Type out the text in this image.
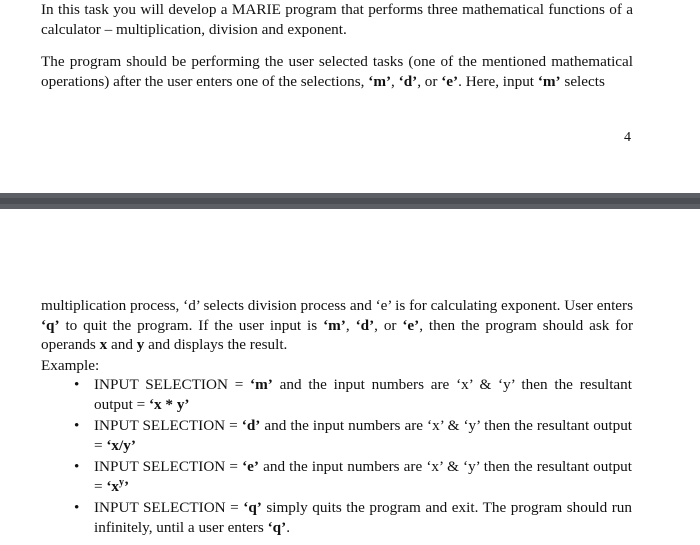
In this task you will develop a MARIE program that performs three mathematical functions of a calculator – multiplication, division and exponent.

The program should be performing the user selected tasks (one of the mentioned mathematical operations) after the user enters one of the selections, ‘m’, ‘d’, or ‘e’. Here, input ‘m’ selects

4

multiplication process, ‘d’ selects division process and ‘e’ is for calculating exponent. User enters ‘q’ to quit the program. If the user input is ‘m’, ‘d’, or ‘e’, then the program should ask for operands x and y and displays the result.

Example:
• INPUT SELECTION = ‘m’ and the input numbers are ‘x’ & ‘y’ then the resultant output = ‘x * y’
• INPUT SELECTION = ‘d’ and the input numbers are ‘x’ & ‘y’ then the resultant output = ‘x/y’
• INPUT SELECTION = ‘e’ and the input numbers are ‘x’ & ‘y’ then the resultant output = ‘$x^y$’
• INPUT SELECTION = ‘q’ simply quits the program and exit. The program should run infinitely, until a user enters ‘q’.
